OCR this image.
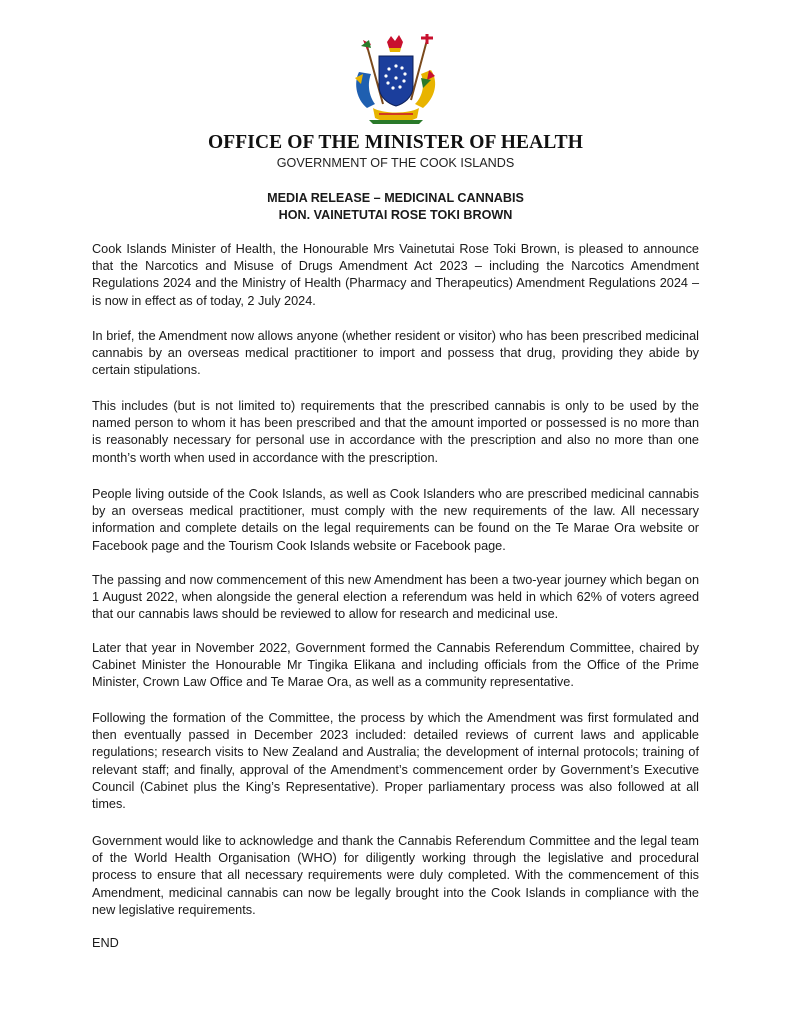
OFFICE OF THE MINISTER OF HEALTH

GOVERNMENT OF THE COOK ISLANDS

MEDIA RELEASE – MEDICINAL CANNABIS

HON. VAINETUTAI ROSE TOKI BROWN

Cook Islands Minister of Health, the Honourable Mrs Vainetutai Rose Toki Brown, is pleased to announce that the Narcotics and Misuse of Drugs Amendment Act 2023 – including the Narcotics Amendment Regulations 2024 and the Ministry of Health (Pharmacy and Therapeutics) Amendment Regulations 2024 – is now in effect as of today, 2 July 2024.

In brief, the Amendment now allows anyone (whether resident or visitor) who has been prescribed medicinal cannabis by an overseas medical practitioner to import and possess that drug, providing they abide by certain stipulations.

This includes (but is not limited to) requirements that the prescribed cannabis is only to be used by the named person to whom it has been prescribed and that the amount imported or possessed is no more than is reasonably necessary for personal use in accordance with the prescription and also no more than one month’s worth when used in accordance with the prescription.

People living outside of the Cook Islands, as well as Cook Islanders who are prescribed medicinal cannabis by an overseas medical practitioner, must comply with the new requirements of the law. All necessary information and complete details on the legal requirements can be found on the Te Marae Ora website or Facebook page and the Tourism Cook Islands website or Facebook page.

The passing and now commencement of this new Amendment has been a two-year journey which began on 1 August 2022, when alongside the general election a referendum was held in which 62% of voters agreed that our cannabis laws should be reviewed to allow for research and medicinal use.

Later that year in November 2022, Government formed the Cannabis Referendum Committee, chaired by Cabinet Minister the Honourable Mr Tingika Elikana and including officials from the Office of the Prime Minister, Crown Law Office and Te Marae Ora, as well as a community representative.

Following the formation of the Committee, the process by which the Amendment was first formulated and then eventually passed in December 2023 included: detailed reviews of current laws and applicable regulations; research visits to New Zealand and Australia; the development of internal protocols; training of relevant staff; and finally, approval of the Amendment’s commencement order by Government’s Executive Council (Cabinet plus the King’s Representative). Proper parliamentary process was also followed at all times.

Government would like to acknowledge and thank the Cannabis Referendum Committee and the legal team of the World Health Organisation (WHO) for diligently working through the legislative and procedural process to ensure that all necessary requirements were duly completed. With the commencement of this Amendment, medicinal cannabis can now be legally brought into the Cook Islands in compliance with the new legislative requirements.

END
